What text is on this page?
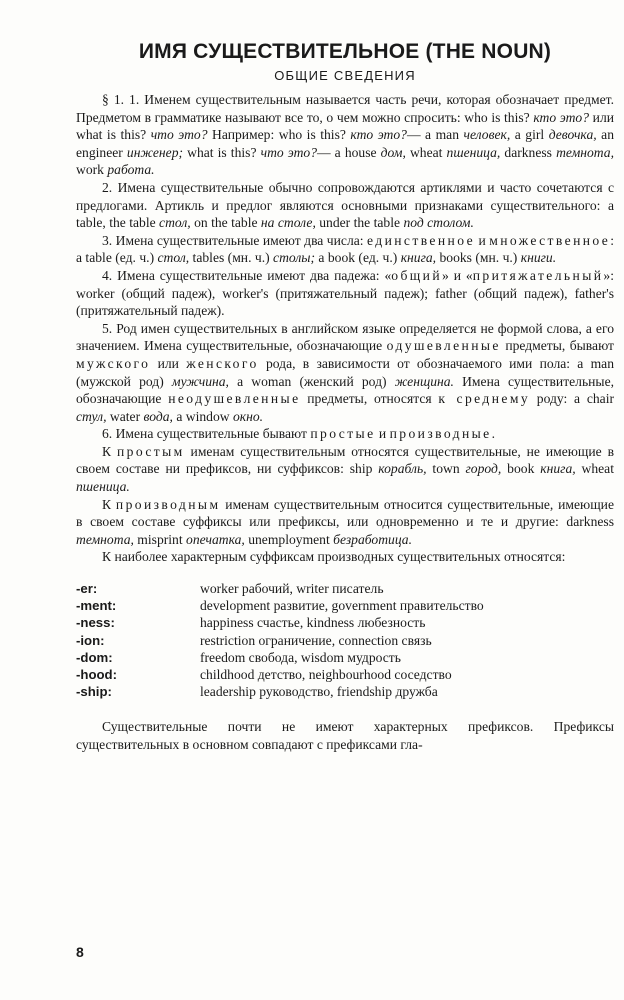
ИМЯ СУЩЕСТВИТЕЛЬНОЕ (THE NOUN)
ОБЩИЕ СВЕДЕНИЯ

§ 1. 1. Именем существительным называется часть речи, которая обозначает предмет. Предметом в грамматике называют все то, о чем можно спросить: who is this? кто это? или what is this? что это? Например: who is this? кто это?— a man человек, a girl девочка, an engineer инженер; what is this? что это?— a house дом, wheat пшеница, darkness темнота, work работа.

2. Имена существительные обычно сопровождаются артиклями и часто сочетаются с предлогами. Артикль и предлог являются основными признаками существительного: a table, the table стол, on the table на столе, under the table под столом.

3. Имена существительные имеют два числа: единственное и множественное: a table (ед. ч.) стол, tables (мн. ч.) столы; a book (ед. ч.) книга, books (мн. ч.) книги.

4. Имена существительные имеют два падежа: «общий» и «притяжательный»: worker (общий падеж), worker's (притяжательный падеж); father (общий падеж), father's (притяжательный падеж).

5. Род имен существительных в английском языке определяется не формой слова, а его значением. Имена существительные, обозначающие одушевленные предметы, бывают мужского или женского рода, в зависимости от обозначаемого ими пола: a man (мужской род) мужчина, a woman (женский род) женщина. Имена существительные, обозначающие неодушевленные предметы, относятся к среднему роду: a chair стул, water вода, a window окно.

6. Имена существительные бывают простые и производные.

К простым именам существительным относятся существительные, не имеющие в своем составе ни префиксов, ни суффиксов: ship корабль, town город, book книга, wheat пшеница.

К производным именам существительным относится существительные, имеющие в своем составе суффиксы или префиксы, или одновременно и те и другие: darkness темнота, misprint опечатка, unemployment безработица.

К наиболее характерным суффиксам производных существительных относятся:

-er:	worker рабочий, writer писатель
-ment:	development развитие, government правительство
-ness:	happiness счастье, kindness любезность
-ion:	restriction ограничение, connection связь
-dom:	freedom свобода, wisdom мудрость
-hood:	childhood детство, neighbourhood соседство
-ship:	leadership руководство, friendship дружба

Существительные почти не имеют характерных префиксов. Префиксы существительных в основном совпадают с префиксами гла-

8
